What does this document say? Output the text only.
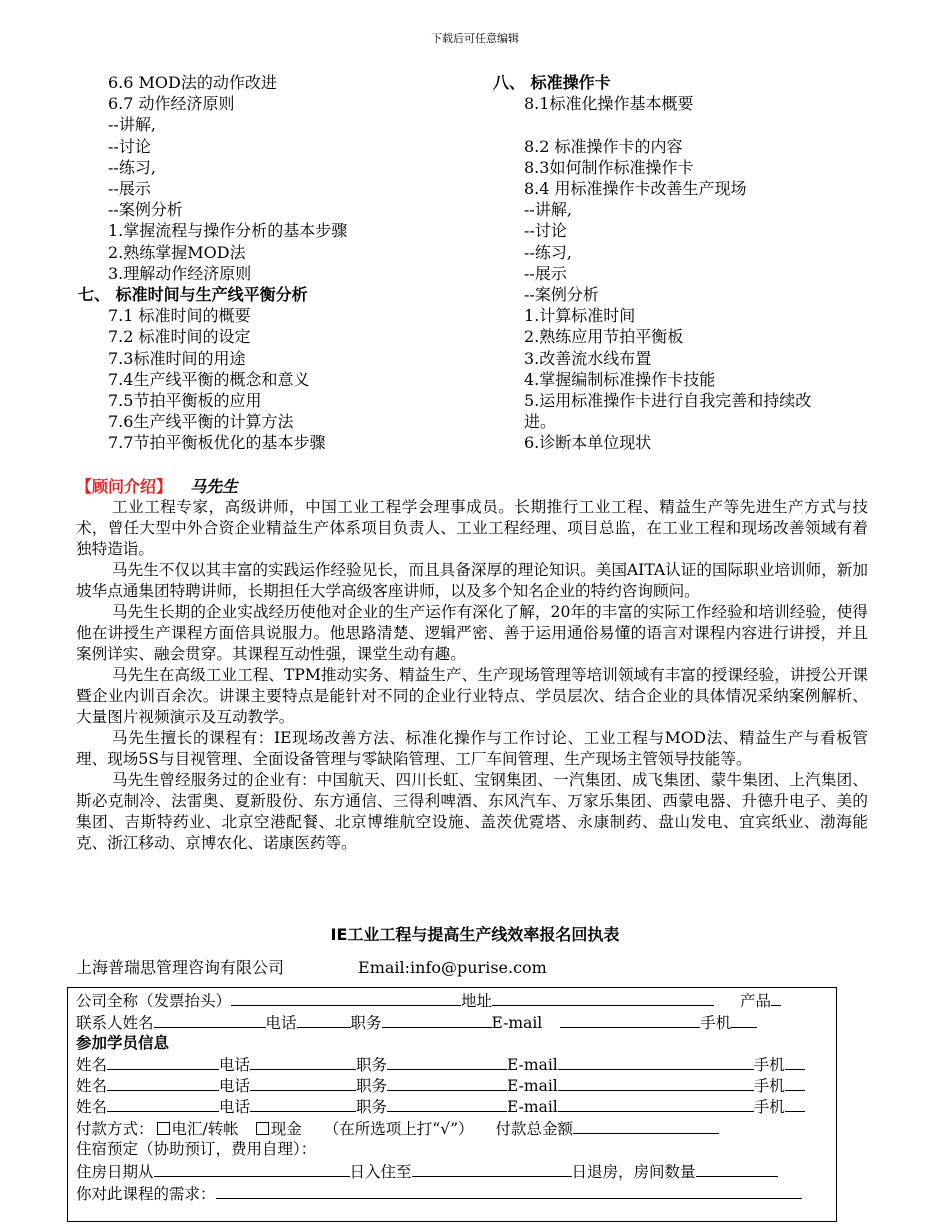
下载后可任意编辑
6.6 MOD法的动作改进
6.7 动作经济原则
--讲解,
--讨论
--练习,
--展示
--案例分析
1.掌握流程与操作分析的基本步骤
2.熟练掌握MOD法
3.理解动作经济原则
七、 标准时间与生产线平衡分析
7.1 标准时间的概要
7.2 标准时间的设定
7.3标准时间的用途
7.4生产线平衡的概念和意义
7.5节拍平衡板的应用
7.6生产线平衡的计算方法
7.7节拍平衡板优化的基本步骤
八、 标准操作卡
8.1标准化操作基本概要

8.2 标准操作卡的内容
8.3如何制作标准操作卡
8.4 用标准操作卡改善生产现场
--讲解,
--讨论
--练习,
--展示
--案例分析
1.计算标准时间
2.熟练应用节拍平衡板
3.改善流水线布置
4.掌握编制标准操作卡技能
5.运用标准操作卡进行自我完善和持续改
进。
6.诊断本单位现状
【顾问介绍】 马先生

工业工程专家，高级讲师，中国工业工程学会理事成员。长期推行工业工程、精益生产等先进生产方式与技术，曾任大型中外合资企业精益生产体系项目负责人、工业工程经理、项目总监，在工业工程和现场改善领域有着独特造诣。

马先生不仅以其丰富的实践运作经验见长，而且具备深厚的理论知识。美国AITA认证的国际职业培训师，新加坡华点通集团特聘讲师，长期担任大学高级客座讲师，以及多个知名企业的特约咨询顾问。

马先生长期的企业实战经历使他对企业的生产运作有深化了解，20年的丰富的实际工作经验和培训经验，使得他在讲授生产课程方面倍具说服力。他思路清楚、逻辑严密、善于运用通俗易懂的语言对课程内容进行讲授，并且案例详实、融会贯穿。其课程互动性强，课堂生动有趣。

马先生在高级工业工程、TPM推动实务、精益生产、生产现场管理等培训领域有丰富的授课经验，讲授公开课暨企业内训百余次。讲课主要特点是能针对不同的企业行业特点、学员层次、结合企业的具体情况采纳案例解析、大量图片视频演示及互动教学。

马先生擅长的课程有：IE现场改善方法、标准化操作与工作讨论、工业工程与MOD法、精益生产与看板管理、现场5S与目视管理、全面设备管理与零缺陷管理、工厂车间管理、生产现场主管领导技能等。

马先生曾经服务过的企业有：中国航天、四川长虹、宝钢集团、一汽集团、成飞集团、蒙牛集团、上汽集团、斯必克制冷、法雷奥、夏新股份、东方通信、三得利啤酒、东风汽车、万家乐集团、西蒙电器、升德升电子、美的集团、吉斯特药业、北京空港配餐、北京博维航空设施、盖茨优霓塔、永康制药、盘山发电、宜宾纸业、渤海能克、浙江移动、京博农化、诺康医药等。

IE工业工程与提高生产线效率报名回执表
上海普瑞思管理咨询有限公司	Email:info@purise.com
公司全称（发票抬头）	地址	产品
联系人姓名	电话	职务	E-mail	手机
参加学员信息
姓名	电话	职务	E-mail	手机
姓名	电话	职务	E-mail	手机
姓名	电话	职务	E-mail	手机
付款方式： 电汇/转帐 现金 （在所选项上打“√”） 付款总金额
住宿预定（协助预订，费用自理）：
住房日期从	日入住至	日退房，房间数量
你对此课程的需求：
